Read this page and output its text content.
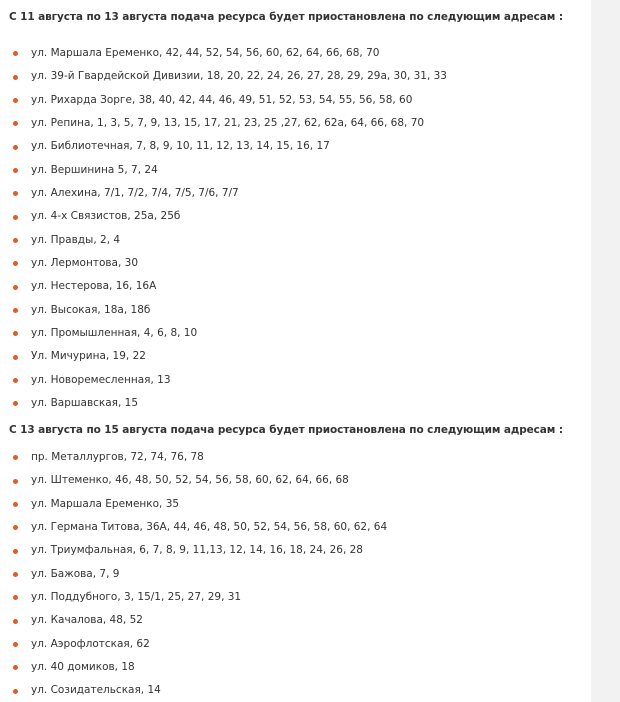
С 11 августа по 13 августа подача ресурса будет приостановлена по следующим адресам :
ул. Маршала Еременко, 42, 44, 52, 54, 56, 60, 62, 64, 66, 68, 70
ул. 39-й Гвардейской Дивизии, 18, 20, 22, 24, 26, 27, 28, 29, 29а, 30, 31, 33
ул. Рихарда Зорге, 38, 40, 42, 44, 46, 49, 51, 52, 53, 54, 55, 56, 58, 60
ул. Репина, 1, 3, 5, 7, 9, 13, 15, 17, 21, 23, 25 ,27, 62, 62а, 64, 66, 68, 70
ул. Библиотечная, 7, 8, 9, 10, 11, 12, 13, 14, 15, 16, 17
ул. Вершинина 5, 7, 24
ул. Алехина, 7/1, 7/2, 7/4, 7/5, 7/6, 7/7
ул. 4-х Связистов, 25а, 25б
ул. Правды, 2, 4
ул. Лермонтова, 30
ул. Нестерова, 16, 16А
ул. Высокая, 18а, 18б
ул. Промышленная, 4, 6, 8, 10
Ул. Мичурина, 19, 22
ул. Новоремесленная, 13
ул. Варшавская, 15
С 13 августа по 15 августа подача ресурса будет приостановлена по следующим адресам :
пр. Металлургов, 72, 74, 76, 78
ул. Штеменко, 46, 48, 50, 52, 54, 56, 58, 60, 62, 64, 66, 68
ул. Маршала Еременко, 35
ул. Германа Титова, 36А, 44, 46, 48, 50, 52, 54, 56, 58, 60, 62, 64
ул. Триумфальная, 6, 7, 8, 9, 11,13, 12, 14, 16, 18, 24, 26, 28
ул. Бажова, 7, 9
ул. Поддубного, 3, 15/1, 25, 27, 29, 31
ул. Качалова, 48, 52
ул. Аэрофлотская, 62
ул. 40 домиков, 18
ул. Созидательская, 14
